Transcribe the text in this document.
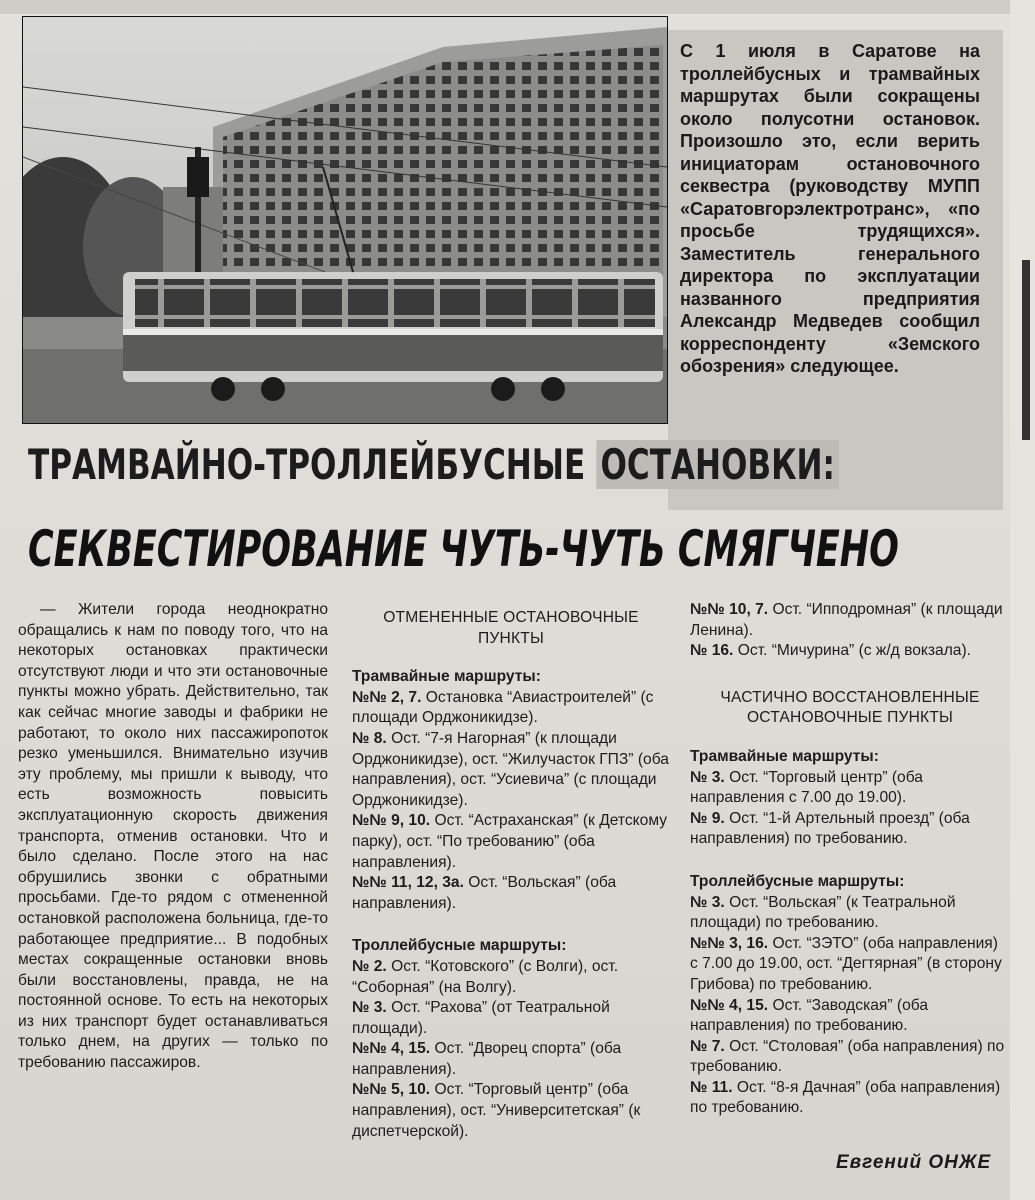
С 1 июля в Саратове на троллейбусных и трамвайных маршрутах были сокращены около полусотни остановок. Произошло это, если верить инициаторам остановочного секвестра (руководству МУПП «Саратовгорэлектротранс», «по просьбе трудящихся». Заместитель генерального директора по эксплуатации названного предприятия Александр Медведев сообщил корреспонденту «Земского обозрения» следующее.
ТРАМВАЙНО-ТРОЛЛЕЙБУСНЫЕ ОСТАНОВКИ:
СЕКВЕСТИРОВАНИЕ ЧУТЬ-ЧУТЬ СМЯГЧЕНО
— Жители города неоднократно обращались к нам по поводу того, что на некоторых остановках практически отсутствуют люди и что эти остановочные пункты можно убрать. Действительно, так как сейчас многие заводы и фабрики не работают, то около них пассажиропоток резко уменьшился. Внимательно изучив эту проблему, мы пришли к выводу, что есть возможность повысить эксплуатационную скорость движения транспорта, отменив остановки. Что и было сделано. После этого на нас обрушились звонки с обратными просьбами. Где-то рядом с отмененной остановкой расположена больница, где-то работающее предприятие... В подобных местах сокращенные остановки вновь были восстановлены, правда, не на постоянной основе. То есть на некоторых из них транспорт будет останавливаться только днем, на других — только по требованию пассажиров.
ОТМЕНЕННЫЕ ОСТАНОВОЧНЫЕ ПУНКТЫ
Трамвайные маршруты:
№№ 2, 7. Остановка “Авиастроителей” (с площади Орджоникидзе).
№ 8. Ост. “7-я Нагорная” (к площади Орджоникидзе), ост. “Жилучасток ГПЗ” (оба направления), ост. “Усиевича” (с площади Орджоникидзе).
№№ 9, 10. Ост. “Астраханская” (к Детскому парку), ост. “По требованию” (оба направления).
№№ 11, 12, 3а. Ост. “Вольская” (оба направления).
Троллейбусные маршруты:
№ 2. Ост. “Котовского” (с Волги), ост. “Соборная” (на Волгу).
№ 3. Ост. “Рахова” (от Театральной площади).
№№ 4, 15. Ост. “Дворец спорта” (оба направления).
№№ 5, 10. Ост. “Торговый центр” (оба направления), ост. “Университетская” (к диспетчерской).
№№ 10, 7. Ост. “Ипподромная” (к площади Ленина).
№ 16. Ост. “Мичурина” (с ж/д вокзала).
ЧАСТИЧНО ВОССТАНОВЛЕННЫЕ ОСТАНОВОЧНЫЕ ПУНКТЫ
Трамвайные маршруты:
№ 3. Ост. “Торговый центр” (оба направления с 7.00 до 19.00).
№ 9. Ост. “1-й Артельный проезд” (оба направления) по требованию.
Троллейбусные маршруты:
№ 3. Ост. “Вольская” (к Театральной площади) по требованию.
№№ 3, 16. Ост. “ЗЭТО” (оба направления) с 7.00 до 19.00, ост. “Дегтярная” (в сторону Грибова) по требованию.
№№ 4, 15. Ост. “Заводская” (оба направления) по требованию.
№ 7. Ост. “Столовая” (оба направления) по требованию.
№ 11. Ост. “8-я Дачная” (оба направления) по требованию.
Евгений ОНЖЕ
